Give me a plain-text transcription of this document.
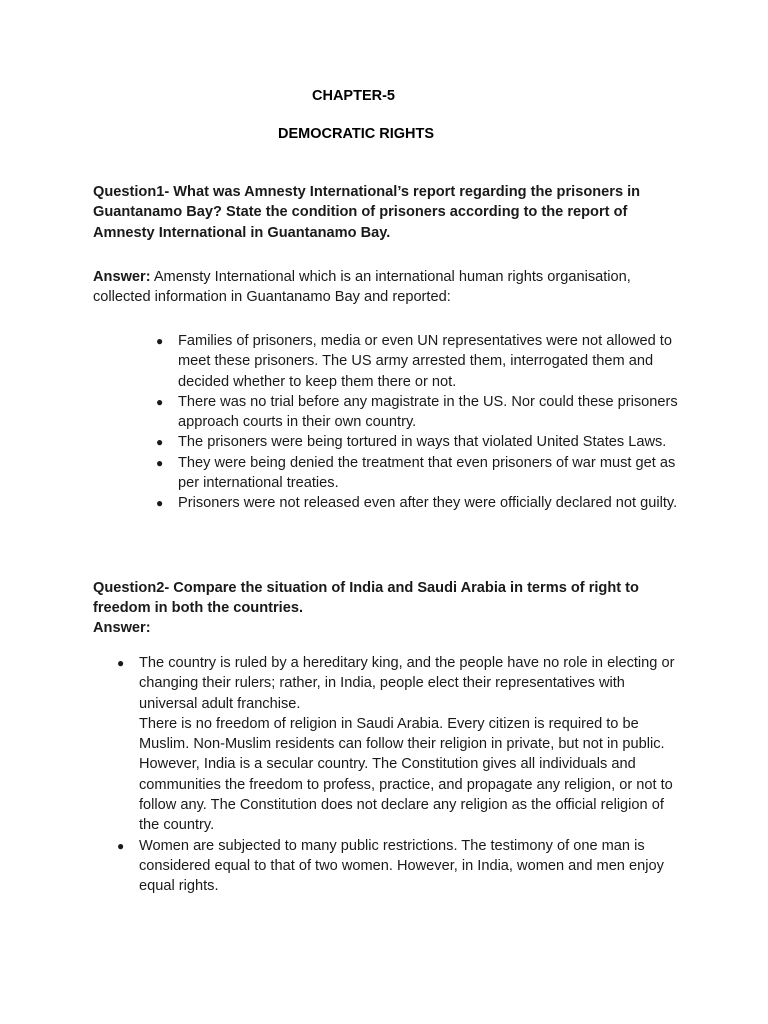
CHAPTER-5
DEMOCRATIC RIGHTS

Question1- What was Amnesty International’s report regarding the prisoners in Guantanamo Bay? State the condition of prisoners according to the report of Amnesty International in Guantanamo Bay.

Answer: Amensty International which is an international human rights organisation, collected information in Guantanamo Bay and reported:

● Families of prisoners, media or even UN representatives were not allowed to meet these prisoners. The US army arrested them, interrogated them and decided whether to keep them there or not.
● There was no trial before any magistrate in the US. Nor could these prisoners approach courts in their own country.
● The prisoners were being tortured in ways that violated United States Laws.
● They were being denied the treatment that even prisoners of war must get as per international treaties.
● Prisoners were not released even after they were officially declared not guilty.

Question2- Compare the situation of India and Saudi Arabia in terms of right to freedom in both the countries.

Answer:

● The country is ruled by a hereditary king, and the people have no role in electing or changing their rulers; rather, in India, people elect their representatives with universal adult franchise.
There is no freedom of religion in Saudi Arabia. Every citizen is required to be Muslim. Non-Muslim residents can follow their religion in private, but not in public. However, India is a secular country. The Constitution gives all individuals and communities the freedom to profess, practice, and propagate any religion, or not to follow any. The Constitution does not declare any religion as the official religion of the country.
● Women are subjected to many public restrictions. The testimony of one man is considered equal to that of two women. However, in India, women and men enjoy equal rights.
